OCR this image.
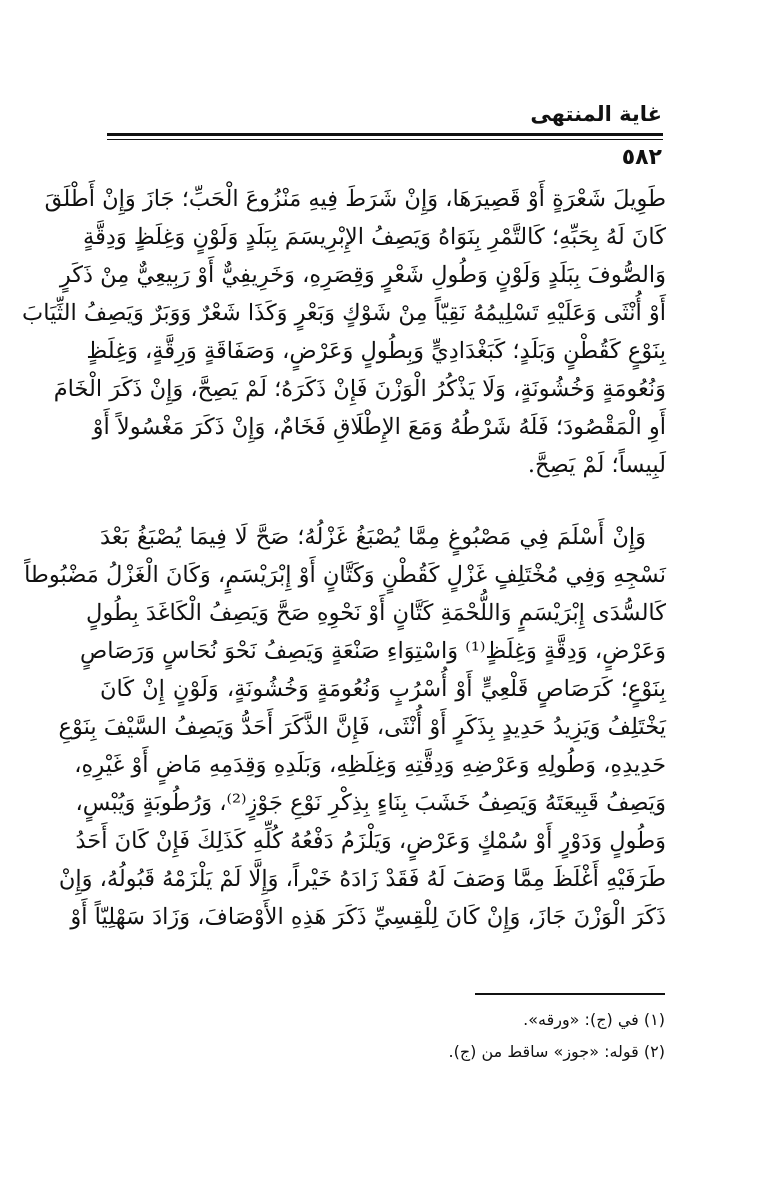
غاية المنتهى
٥٨٢
طَوِيلَ شَعْرَةٍ أَوْ قَصِيرَهَا، وَإِنْ شَرَطَ فِيهِ مَنْزُوعَ الْحَبِّ؛ جَازَ وَإِنْ أَطْلَقَ
كَانَ لَهُ بِحَبِّهِ؛ كَالتَّمْرِ بِنَوَاهُ وَيَصِفُ الإِبْرِيسَمَ بِبَلَدٍ وَلَوْنٍ وَغِلَظٍ وَدِقَّةٍ
وَالصُّوفَ بِبَلَدٍ وَلَوْنٍ وَطُولِ شَعْرٍ وَقِصَرِهِ، وَخَرِيفِيٌّ أَوْ رَبِيعِيٌّ مِنْ ذَكَرٍ
أَوْ أُنْثَى وَعَلَيْهِ تَسْلِيمُهُ نَقِيّاً مِنْ شَوْكٍ وَبَعْرٍ وَكَذَا شَعْرٌ وَوَبَرٌ وَيَصِفُ الثِّيَابَ
بِنَوْعٍ كَقُطْنٍ وَبَلَدٍ؛ كَبَغْدَادِيٍّ وَبِطُولٍ وَعَرْضٍ، وَصَفَاقَةٍ وَرِقَّةٍ، وَغِلَظٍ
وَنُعُومَةٍ وَخُشُونَةٍ، وَلَا يَذْكُرُ الْوَزْنَ فَإِنْ ذَكَرَهُ؛ لَمْ يَصِحَّ، وَإِنْ ذَكَرَ الْخَامَ
أَوِ الْمَقْصُودَ؛ فَلَهُ شَرْطُهُ وَمَعَ الإِطْلَاقِ فَخَامٌ، وَإِنْ ذَكَرَ مَغْسُولاً أَوْ
لَبِيساً؛ لَمْ يَصِحَّ.
وَإِنْ أَسْلَمَ فِي مَصْبُوغٍ مِمَّا يُصْبَغُ غَزْلُهُ؛ صَحَّ لَا فِيمَا يُصْبَغُ بَعْدَ
نَسْجِهِ وَفِي مُخْتَلِفٍ غَزْلٍ كَقُطْنٍ وَكَتَّانٍ أَوْ إِبْرَيْسَمٍ، وَكَانَ الْغَزْلُ مَضْبُوطاً
كَالسُّدَى إِبْرَيْسَمٍ وَاللُّحْمَةِ كَتَّانٍ أَوْ نَحْوِهِ صَحَّ وَيَصِفُ الْكَاغَدَ بِطُولٍ
وَعَرْضٍ، وَدِقَّةٍ وَغِلَظٍ⁽¹⁾ وَاسْتِوَاءِ صَنْعَةٍ وَيَصِفُ نَحْوَ نُحَاسٍ وَرَصَاصٍ
بِنَوْعٍ؛ كَرَصَاصٍ قَلْعِيٍّ أَوْ أُسْرُبٍ وَنُعُومَةٍ وَخُشُونَةٍ، وَلَوْنٍ إِنْ كَانَ
يَخْتَلِفُ وَيَزِيدُ حَدِيدٍ بِذَكَرٍ أَوْ أُنْثَى، فَإِنَّ الذَّكَرَ أَحَدُّ وَيَصِفُ السَّيْفَ بِنَوْعِ
حَدِيدِهِ، وَطُولِهِ وَعَرْضِهِ وَدِقَّتِهِ وَغِلَظِهِ، وَبَلَدِهِ وَقِدَمِهِ مَاضٍ أَوْ غَيْرِهِ،
وَيَصِفُ قَبِيعَتَهُ وَيَصِفُ خَشَبَ بِنَاءٍ بِذِكْرِ نَوْعِ جَوْزٍ⁽²⁾، وَرُطُوبَةٍ وَيُبْسٍ،
وَطُولٍ وَدَوْرٍ أَوْ سُمْكٍ وَعَرْضٍ، وَيَلْزَمُ دَفْعُهُ كُلِّهِ كَذَلِكَ فَإِنْ كَانَ أَحَدُ
طَرَفَيْهِ أَغْلَظَ مِمَّا وَصَفَ لَهُ فَقَدْ زَادَهُ خَيْراً، وَإِلَّا لَمْ يَلْزَمْهُ قَبُولُهُ، وَإِنْ
ذَكَرَ الْوَزْنَ جَازَ، وَإِنْ كَانَ لِلْقِسِيِّ ذَكَرَ هَذِهِ الأَوْصَافَ، وَزَادَ سَهْلِيّاً أَوْ
(١) في (ج): «ورقه».
(٢) قوله: «جوز» ساقط من (ج).
